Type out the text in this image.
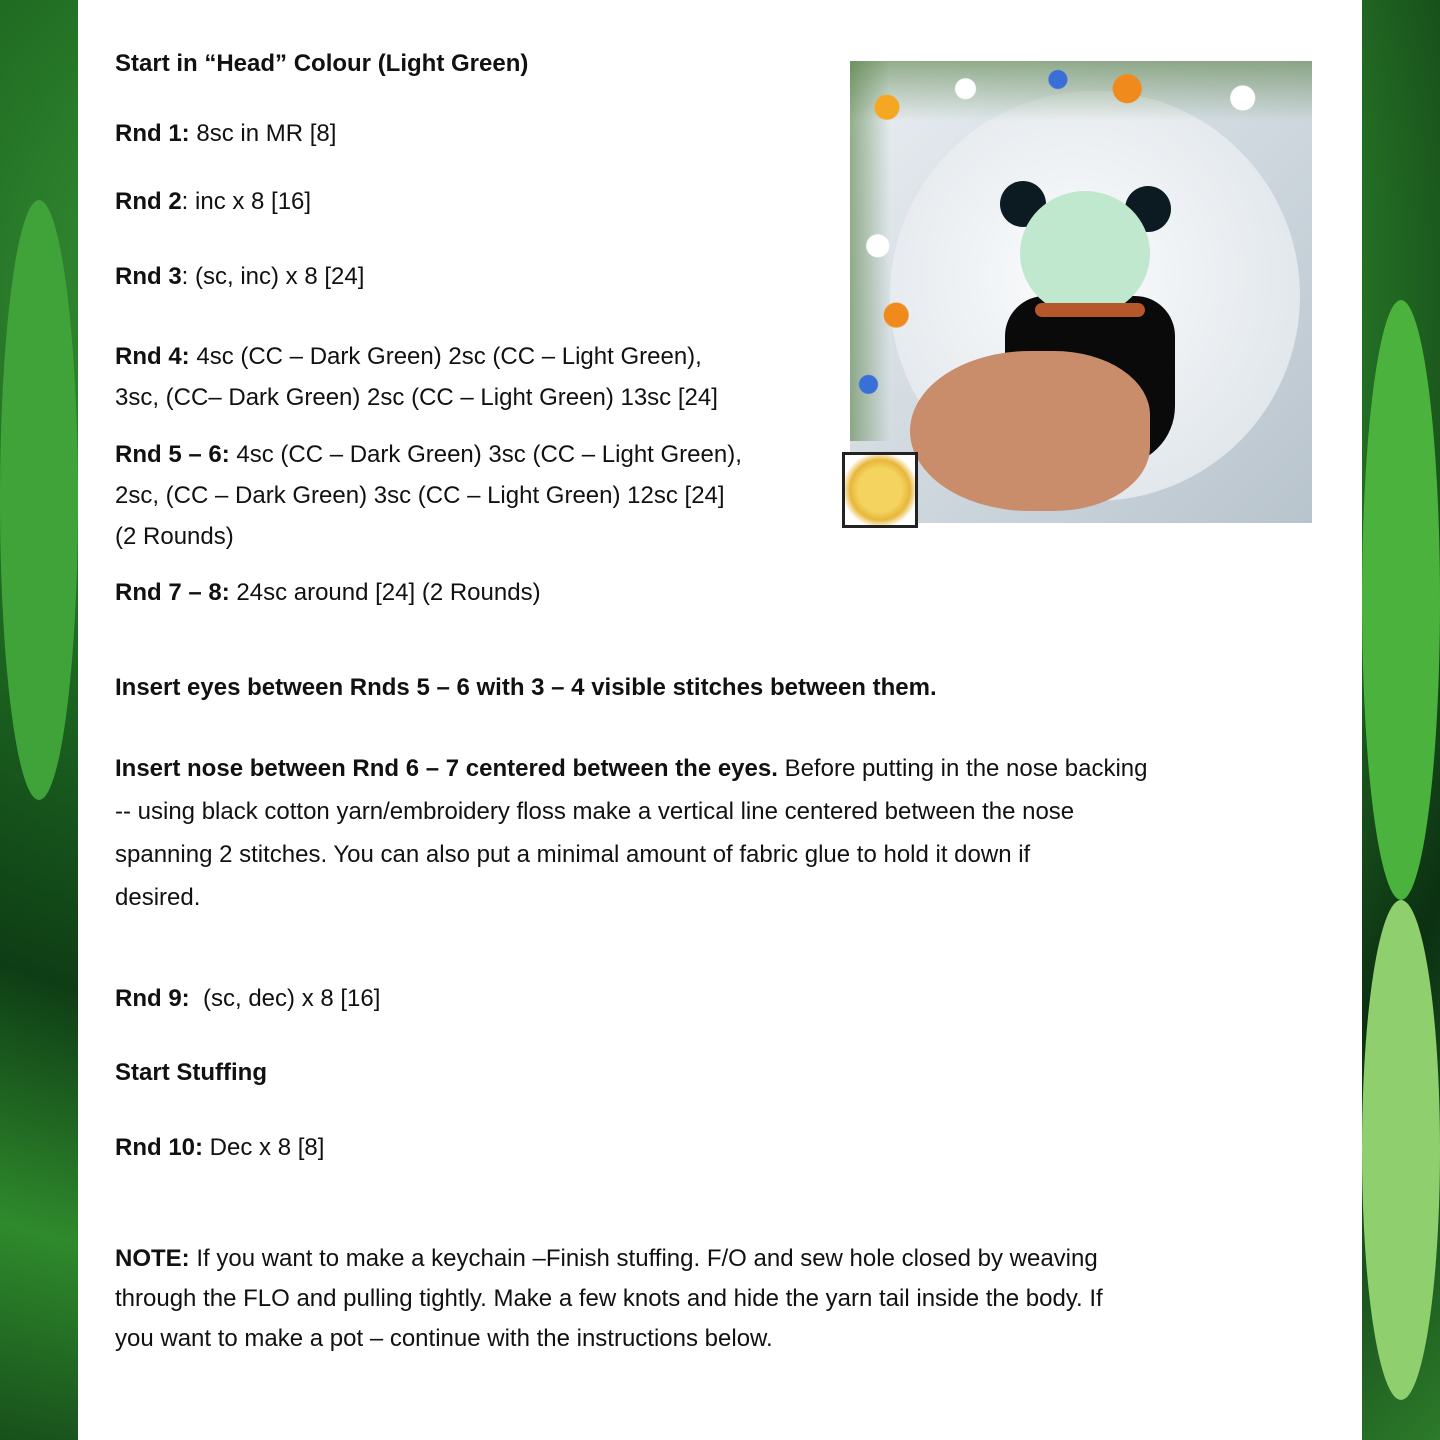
Start in “Head” Colour (Light Green)
Rnd 1: 8sc in MR [8]
Rnd 2: inc x 8 [16]
Rnd 3: (sc, inc) x 8 [24]
Rnd 4: 4sc (CC – Dark Green) 2sc (CC – Light Green),
3sc, (CC– Dark Green) 2sc (CC – Light Green) 13sc [24]
Rnd 5 – 6: 4sc (CC – Dark Green) 3sc (CC – Light Green),
2sc, (CC – Dark Green) 3sc (CC – Light Green) 12sc [24]
(2 Rounds)
Rnd 7 – 8: 24sc around [24] (2 Rounds)
Insert eyes between Rnds 5 – 6 with 3 – 4 visible stitches between them.
Insert nose between Rnd 6 – 7 centered between the eyes. Before putting in the nose backing
-- using black cotton yarn/embroidery floss make a vertical line centered between the nose
spanning 2 stitches. You can also put a minimal amount of fabric glue to hold it down if
desired.
Rnd 9:  (sc, dec) x 8 [16]
Start Stuffing
Rnd 10: Dec x 8 [8]
NOTE: If you want to make a keychain –Finish stuffing. F/O and sew hole closed by weaving
through the FLO and pulling tightly. Make a few knots and hide the yarn tail inside the body. If
you want to make a pot – continue with the instructions below.
